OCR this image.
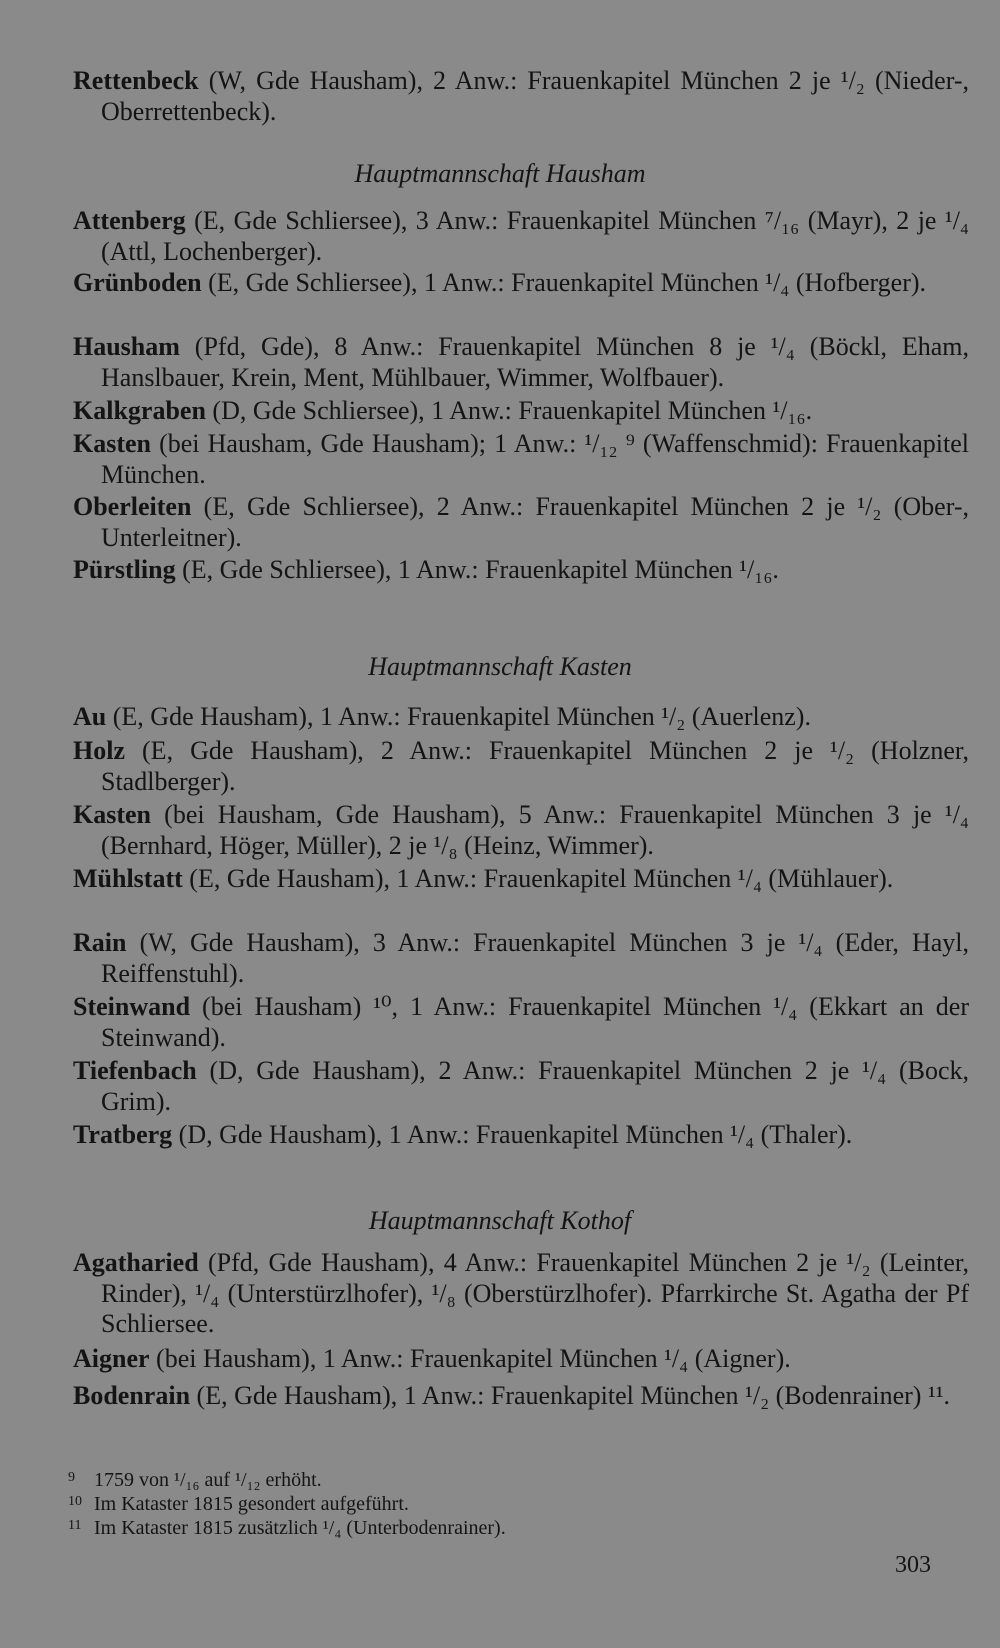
Rettenbeck (W, Gde Hausham), 2 Anw.: Frauenkapitel München 2 je ¹/₂ (Nieder-, Oberrettenbeck).
Hauptmannschaft Hausham
Attenberg (E, Gde Schliersee), 3 Anw.: Frauenkapitel München ⁷/₁₆ (Mayr), 2 je ¹/₄ (Attl, Lochenberger).
Grünboden (E, Gde Schliersee), 1 Anw.: Frauenkapitel München ¹/₄ (Hofberger).
Hausham (Pfd, Gde), 8 Anw.: Frauenkapitel München 8 je ¹/₄ (Böckl, Eham, Hanslbauer, Krein, Ment, Mühlbauer, Wimmer, Wolfbauer).
Kalkgraben (D, Gde Schliersee), 1 Anw.: Frauenkapitel München ¹/₁₆.
Kasten (bei Hausham, Gde Hausham); 1 Anw.: ¹/₁₂ ⁹ (Waffenschmid): Frauenkapitel München.
Oberleiten (E, Gde Schliersee), 2 Anw.: Frauenkapitel München 2 je ¹/₂ (Ober-, Unterleitner).
Pürstling (E, Gde Schliersee), 1 Anw.: Frauenkapitel München ¹/₁₆.
Hauptmannschaft Kasten
Au (E, Gde Hausham), 1 Anw.: Frauenkapitel München ¹/₂ (Auerlenz).
Holz (E, Gde Hausham), 2 Anw.: Frauenkapitel München 2 je ¹/₂ (Holzner, Stadlberger).
Kasten (bei Hausham, Gde Hausham), 5 Anw.: Frauenkapitel München 3 je ¹/₄ (Bernhard, Höger, Müller), 2 je ¹/₈ (Heinz, Wimmer).
Mühlstatt (E, Gde Hausham), 1 Anw.: Frauenkapitel München ¹/₄ (Mühlauer).
Rain (W, Gde Hausham), 3 Anw.: Frauenkapitel München 3 je ¹/₄ (Eder, Hayl, Reiffenstuhl).
Steinwand (bei Hausham) ¹⁰, 1 Anw.: Frauenkapitel München ¹/₄ (Ekkart an der Steinwand).
Tiefenbach (D, Gde Hausham), 2 Anw.: Frauenkapitel München 2 je ¹/₄ (Bock, Grim).
Tratberg (D, Gde Hausham), 1 Anw.: Frauenkapitel München ¹/₄ (Thaler).
Hauptmannschaft Kothof
Agatharied (Pfd, Gde Hausham), 4 Anw.: Frauenkapitel München 2 je ¹/₂ (Leinter, Rinder), ¹/₄ (Unterstürzlhofer), ¹/₈ (Oberstürzlhofer). Pfarrkirche St. Agatha der Pf Schliersee.
Aigner (bei Hausham), 1 Anw.: Frauenkapitel München ¹/₄ (Aigner).
Bodenrain (E, Gde Hausham), 1 Anw.: Frauenkapitel München ¹/₂ (Bodenrainer) ¹¹.
9 1759 von ¹/₁₆ auf ¹/₁₂ erhöht.
10 Im Kataster 1815 gesondert aufgeführt.
11 Im Kataster 1815 zusätzlich ¹/₄ (Unterbodenrainer).
303
